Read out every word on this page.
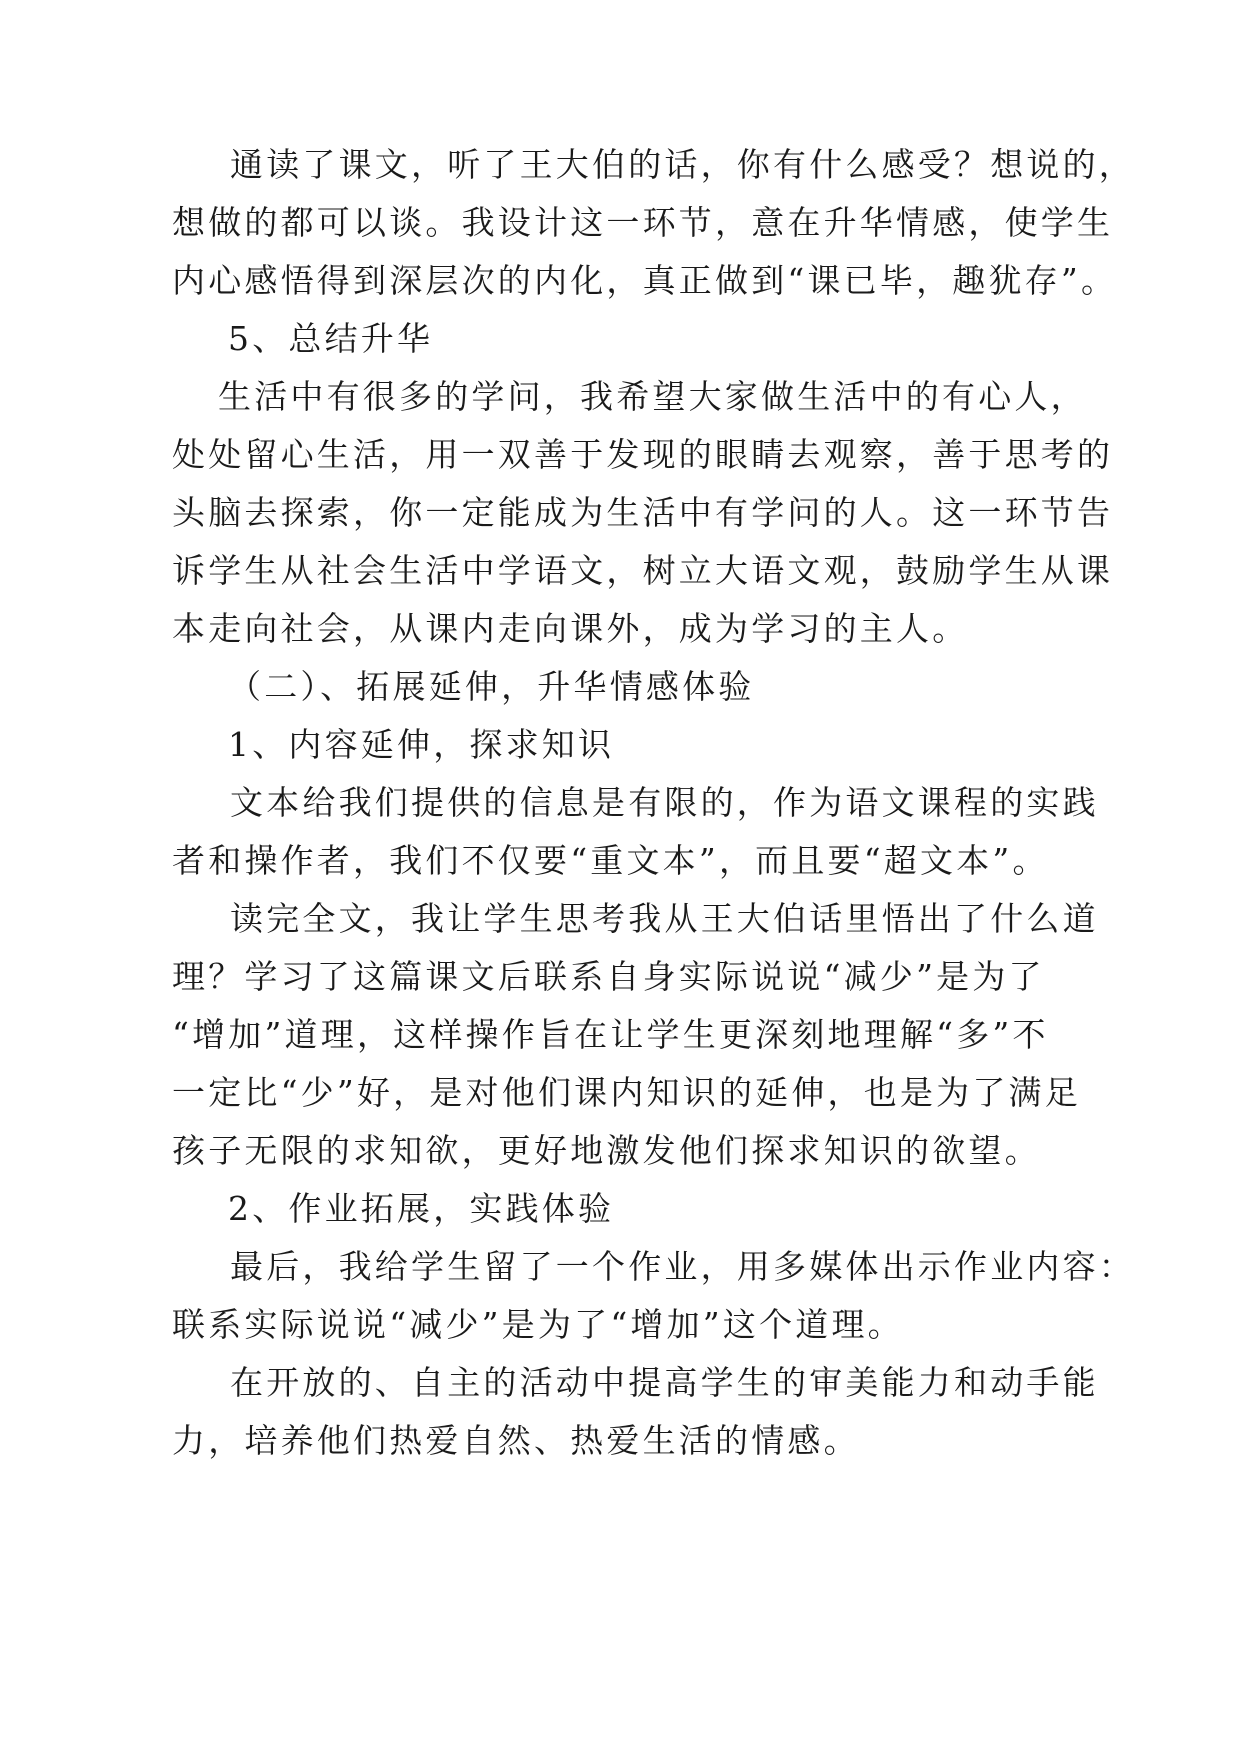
通读了课文，听了王大伯的话，你有什么感受？想说的，
想做的都可以谈。我设计这一环节，意在升华情感，使学生
内心感悟得到深层次的内化，真正做到“课已毕，趣犹存”。
5、总结升华
生活中有很多的学问，我希望大家做生活中的有心人，
处处留心生活，用一双善于发现的眼睛去观察，善于思考的
头脑去探索，你一定能成为生活中有学问的人。这一环节告
诉学生从社会生活中学语文，树立大语文观，鼓励学生从课
本走向社会，从课内走向课外，成为学习的主人。
（二）、拓展延伸，升华情感体验
1、内容延伸，探求知识
文本给我们提供的信息是有限的，作为语文课程的实践
者和操作者，我们不仅要“重文本”，而且要“超文本”。
读完全文，我让学生思考我从王大伯话里悟出了什么道
理？学习了这篇课文后联系自身实际说说“减少”是为了
“增加”道理，这样操作旨在让学生更深刻地理解“多”不
一定比“少”好，是对他们课内知识的延伸，也是为了满足
孩子无限的求知欲，更好地激发他们探求知识的欲望。
2、作业拓展，实践体验
最后，我给学生留了一个作业，用多媒体出示作业内容：
联系实际说说“减少”是为了“增加”这个道理。
在开放的、自主的活动中提高学生的审美能力和动手能
力，培养他们热爱自然、热爱生活的情感。
